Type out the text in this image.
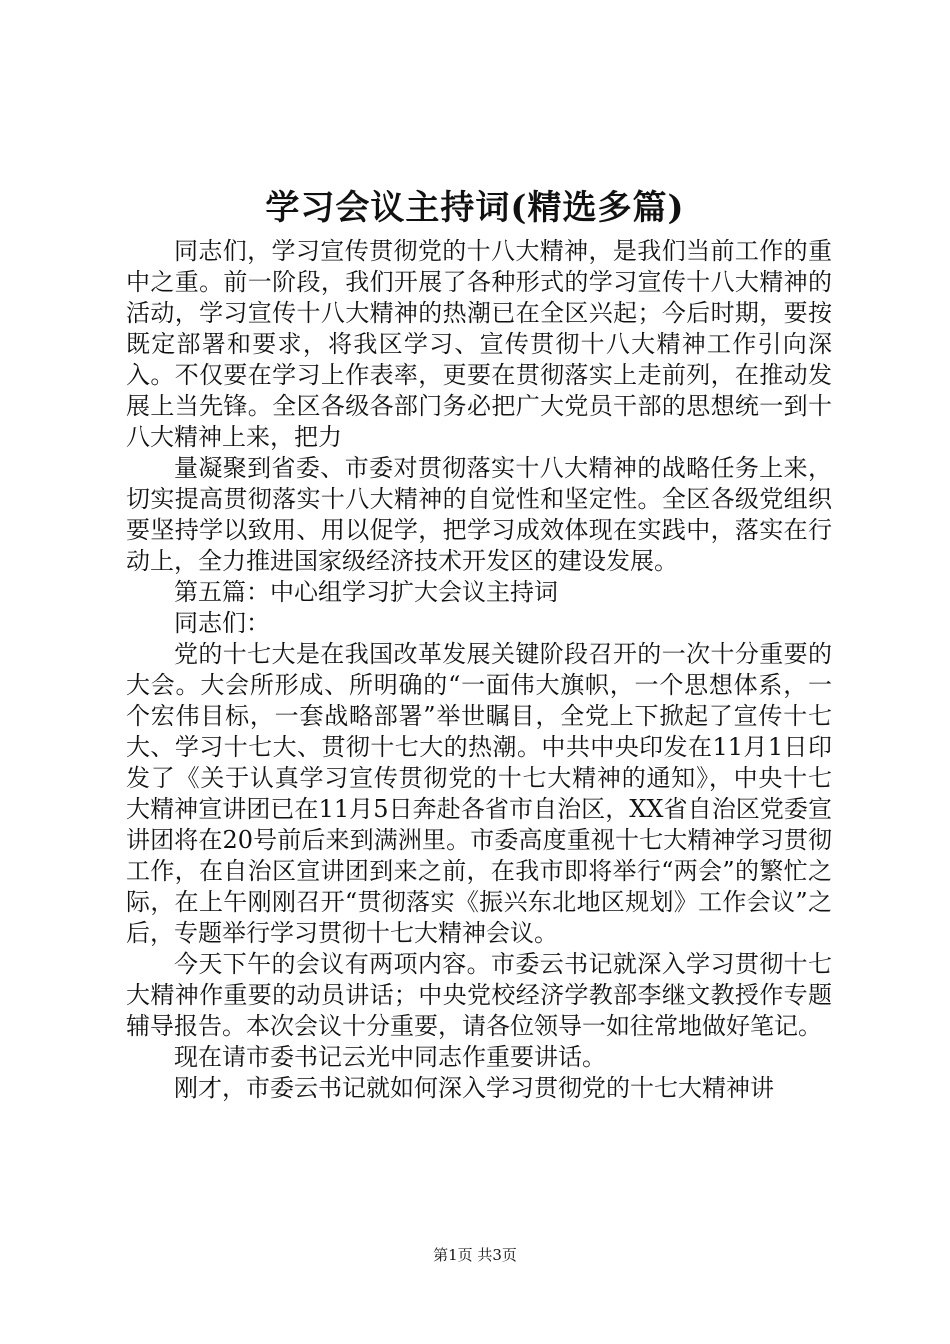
学习会议主持词(精选多篇)

同志们，学习宣传贯彻党的十八大精神，是我们当前工作的重中之重。前一阶段，我们开展了各种形式的学习宣传十八大精神的活动，学习宣传十八大精神的热潮已在全区兴起；今后时期，要按既定部署和要求，将我区学习、宣传贯彻十八大精神工作引向深入。不仅要在学习上作表率，更要在贯彻落实上走前列，在推动发展上当先锋。全区各级各部门务必把广大党员干部的思想统一到十八大精神上来，把力

量凝聚到省委、市委对贯彻落实十八大精神的战略任务上来，切实提高贯彻落实十八大精神的自觉性和坚定性。全区各级党组织要坚持学以致用、用以促学，把学习成效体现在实践中，落实在行动上，全力推进国家级经济技术开发区的建设发展。

第五篇：中心组学习扩大会议主持词

同志们：

党的十七大是在我国改革发展关键阶段召开的一次十分重要的大会。大会所形成、所明确的“一面伟大旗帜，一个思想体系，一个宏伟目标，一套战略部署”举世瞩目，全党上下掀起了宣传十七大、学习十七大、贯彻十七大的热潮。中共中央印发在11月1日印发了《关于认真学习宣传贯彻党的十七大精神的通知》，中央十七大精神宣讲团已在11月5日奔赴各省市自治区，XX省自治区党委宣讲团将在20号前后来到满洲里。市委高度重视十七大精神学习贯彻工作，在自治区宣讲团到来之前，在我市即将举行“两会”的繁忙之际，在上午刚刚召开“贯彻落实《振兴东北地区规划》工作会议”之后，专题举行学习贯彻十七大精神会议。

今天下午的会议有两项内容。市委云书记就深入学习贯彻十七大精神作重要的动员讲话；中央党校经济学教部李继文教授作专题辅导报告。本次会议十分重要，请各位领导一如往常地做好笔记。

现在请市委书记云光中同志作重要讲话。

刚才，市委云书记就如何深入学习贯彻党的十七大精神讲

第1页 共3页
